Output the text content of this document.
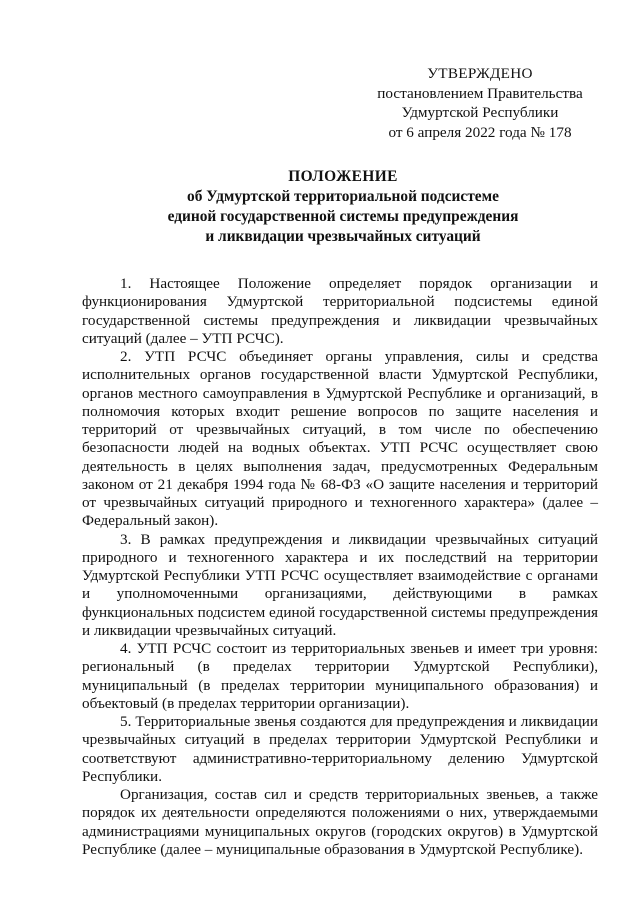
УТВЕРЖДЕНО
постановлением Правительства
Удмуртской Республики
от 6 апреля 2022 года № 178
ПОЛОЖЕНИЕ
об Удмуртской территориальной подсистеме
единой государственной системы предупреждения
и ликвидации чрезвычайных ситуаций

1. Настоящее Положение определяет порядок организации и функционирования Удмуртской территориальной подсистемы единой государственной системы предупреждения и ликвидации чрезвычайных ситуаций (далее – УТП РСЧС).

2. УТП РСЧС объединяет органы управления, силы и средства исполнительных органов государственной власти Удмуртской Республики, органов местного самоуправления в Удмуртской Республике и организаций, в полномочия которых входит решение вопросов по защите населения и территорий от чрезвычайных ситуаций, в том числе по обеспечению безопасности людей на водных объектах. УТП РСЧС осуществляет свою деятельность в целях выполнения задач, предусмотренных Федеральным законом от 21 декабря 1994 года № 68-ФЗ «О защите населения и территорий от чрезвычайных ситуаций природного и техногенного характера» (далее – Федеральный закон).

3. В рамках предупреждения и ликвидации чрезвычайных ситуаций природного и техногенного характера и их последствий на территории Удмуртской Республики УТП РСЧС осуществляет взаимодействие с органами и уполномоченными организациями, действующими в рамках функциональных подсистем единой государственной системы предупреждения и ликвидации чрезвычайных ситуаций.

4. УТП РСЧС состоит из территориальных звеньев и имеет три уровня: региональный (в пределах территории Удмуртской Республики), муниципальный (в пределах территории муниципального образования) и объектовый (в пределах территории организации).

5. Территориальные звенья создаются для предупреждения и ликвидации чрезвычайных ситуаций в пределах территории Удмуртской Республики и соответствуют административно-территориальному делению Удмуртской Республики.

Организация, состав сил и средств территориальных звеньев, а также порядок их деятельности определяются положениями о них, утверждаемыми администрациями муниципальных округов (городских округов) в Удмуртской Республике (далее – муниципальные образования в Удмуртской Республике).
